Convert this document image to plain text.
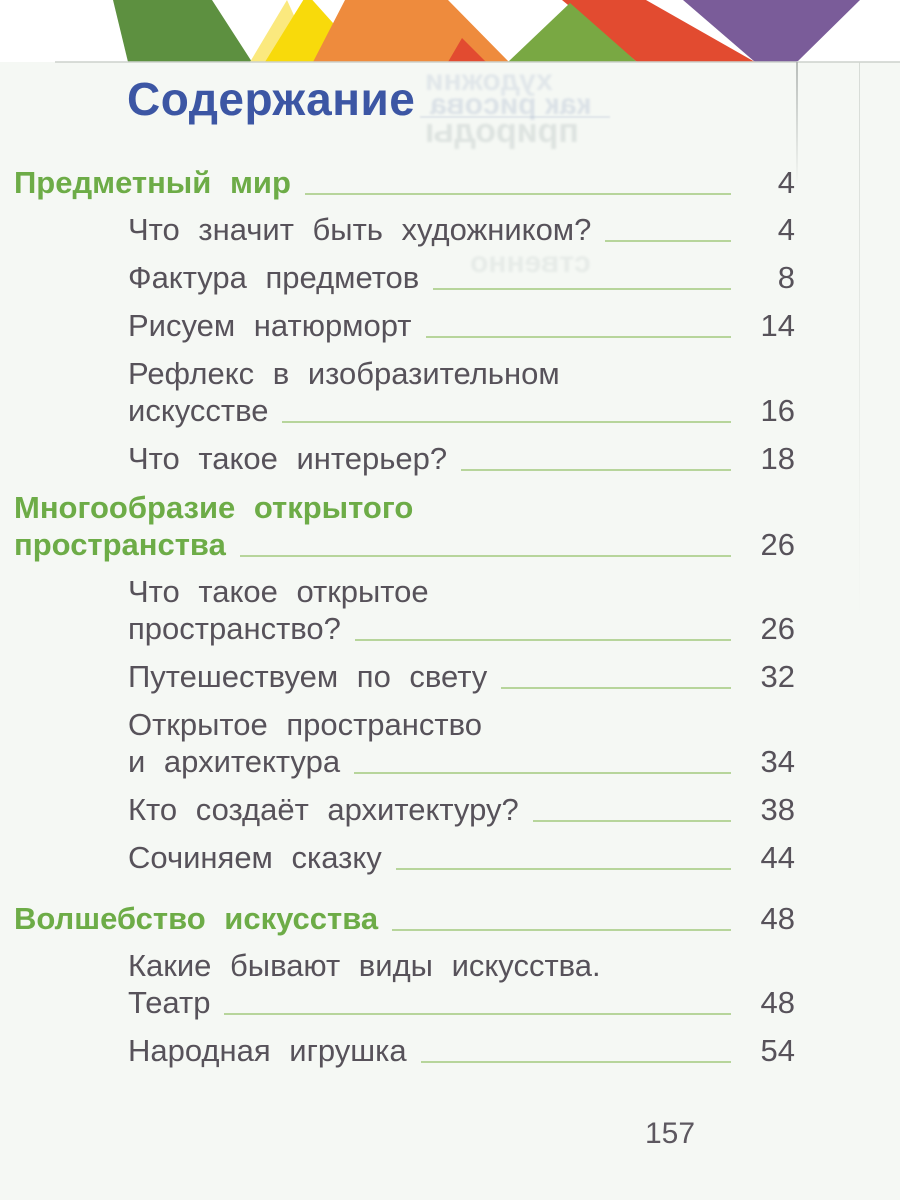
Содержание
Предметный мир	4
Что значит быть художником?	4
Фактура предметов	8
Рисуем натюрморт	14
Рефлекс в изобразительном
искусстве	16
Что такое интерьер?	18
Многообразие открытого
пространства	26
Что такое открытое
пространство?	26
Путешествуем по свету	32
Открытое пространство
и архитектура	34
Кто создаёт архитектуру?	38
Сочиняем сказку	44
Волшебство искусства	48
Какие бывают виды искусства.
Театр	48
Народная игрушка	54
157
художни
как рисова
природы
ственно
